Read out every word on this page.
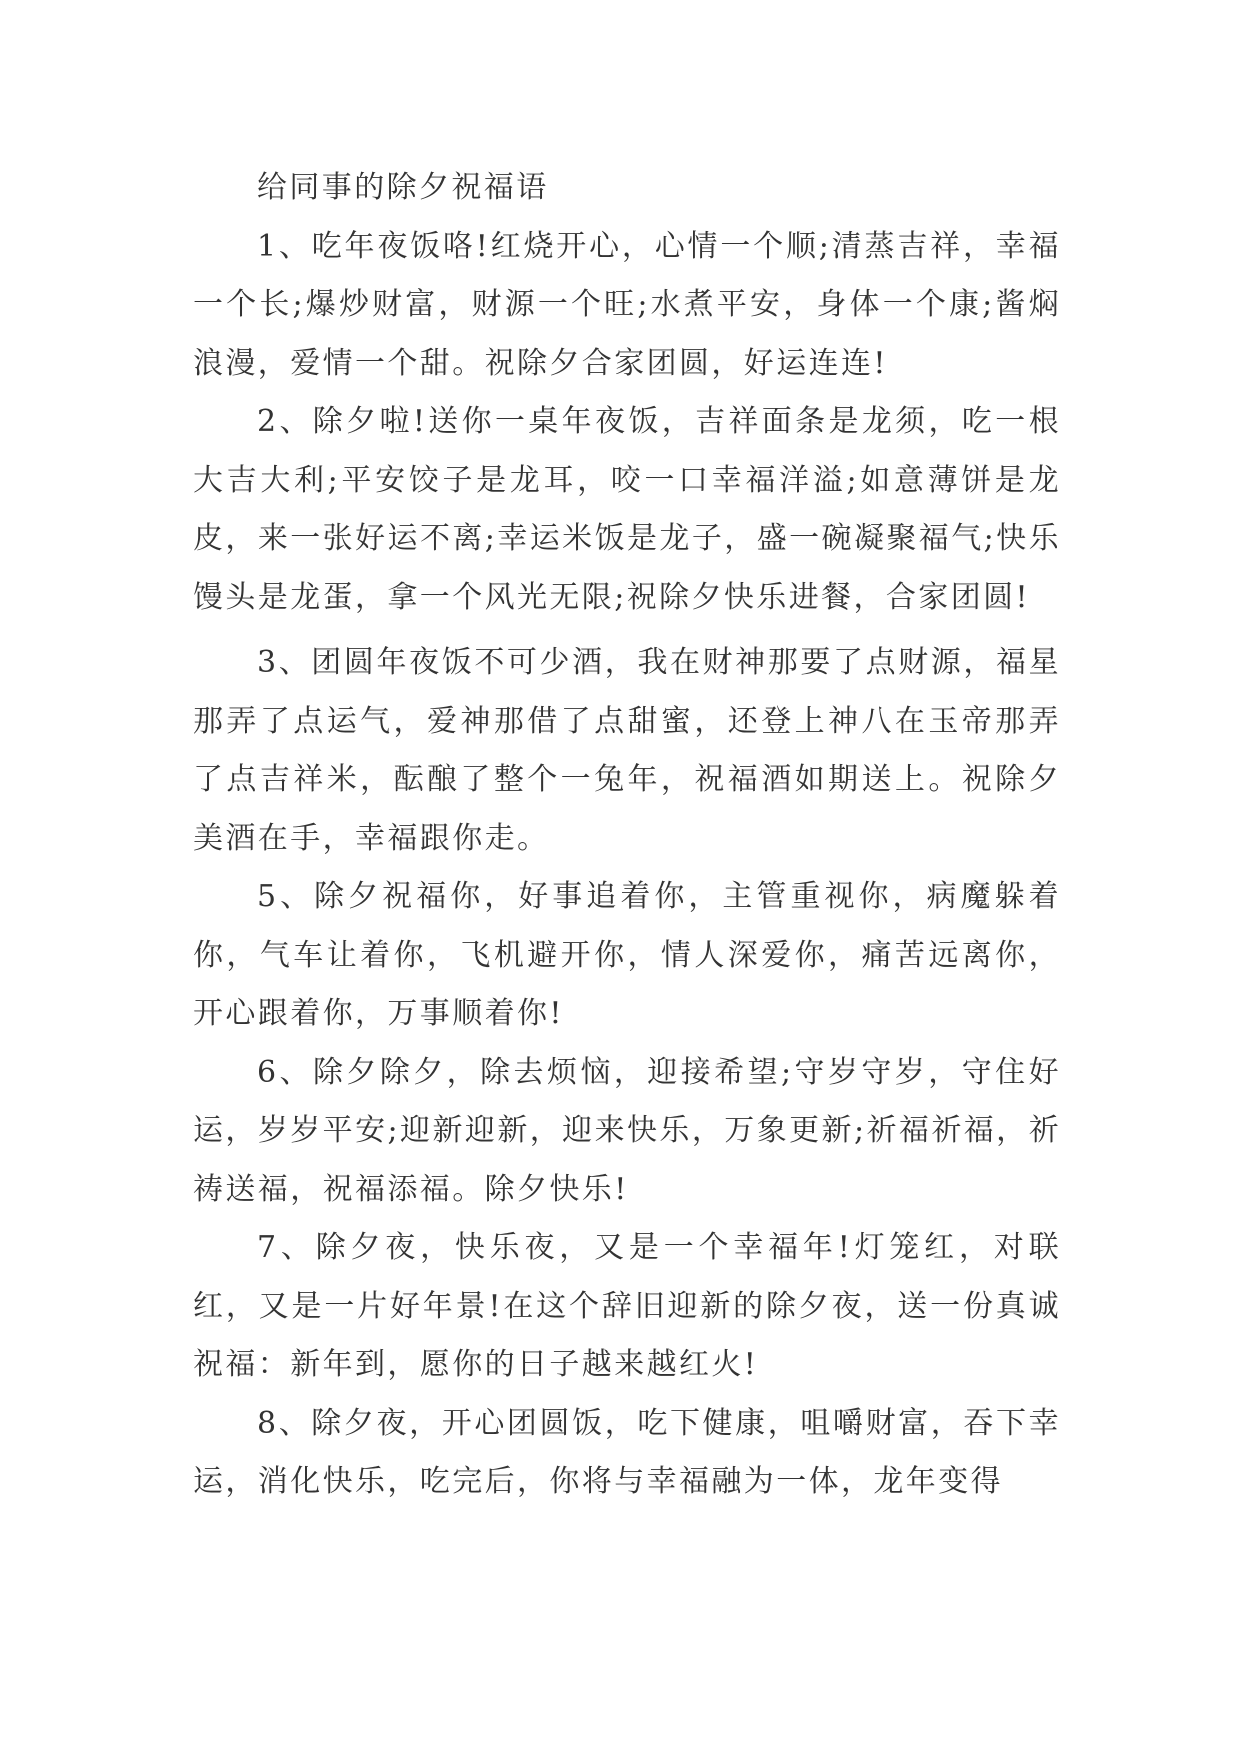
给同事的除夕祝福语

1、吃年夜饭咯!红烧开心，心情一个顺;清蒸吉祥，幸福一个长;爆炒财富，财源一个旺;水煮平安，身体一个康;酱焖浪漫，爱情一个甜。祝除夕合家团圆，好运连连!

2、除夕啦!送你一桌年夜饭，吉祥面条是龙须，吃一根大吉大利;平安饺子是龙耳，咬一口幸福洋溢;如意薄饼是龙皮，来一张好运不离;幸运米饭是龙子，盛一碗凝聚福气;快乐馒头是龙蛋，拿一个风光无限;祝除夕快乐进餐，合家团圆!

3、团圆年夜饭不可少酒，我在财神那要了点财源，福星那弄了点运气，爱神那借了点甜蜜，还登上神八在玉帝那弄了点吉祥米，酝酿了整个一兔年，祝福酒如期送上。祝除夕美酒在手，幸福跟你走。

5、除夕祝福你，好事追着你，主管重视你，病魔躲着你，气车让着你，飞机避开你，情人深爱你，痛苦远离你，开心跟着你，万事顺着你!

6、除夕除夕，除去烦恼，迎接希望;守岁守岁，守住好运，岁岁平安;迎新迎新，迎来快乐，万象更新;祈福祈福，祈祷送福，祝福添福。除夕快乐!

7、除夕夜，快乐夜，又是一个幸福年!灯笼红，对联红，又是一片好年景!在这个辞旧迎新的除夕夜，送一份真诚祝福：新年到，愿你的日子越来越红火!

8、除夕夜，开心团圆饭，吃下健康，咀嚼财富，吞下幸运，消化快乐，吃完后，你将与幸福融为一体，龙年变得
